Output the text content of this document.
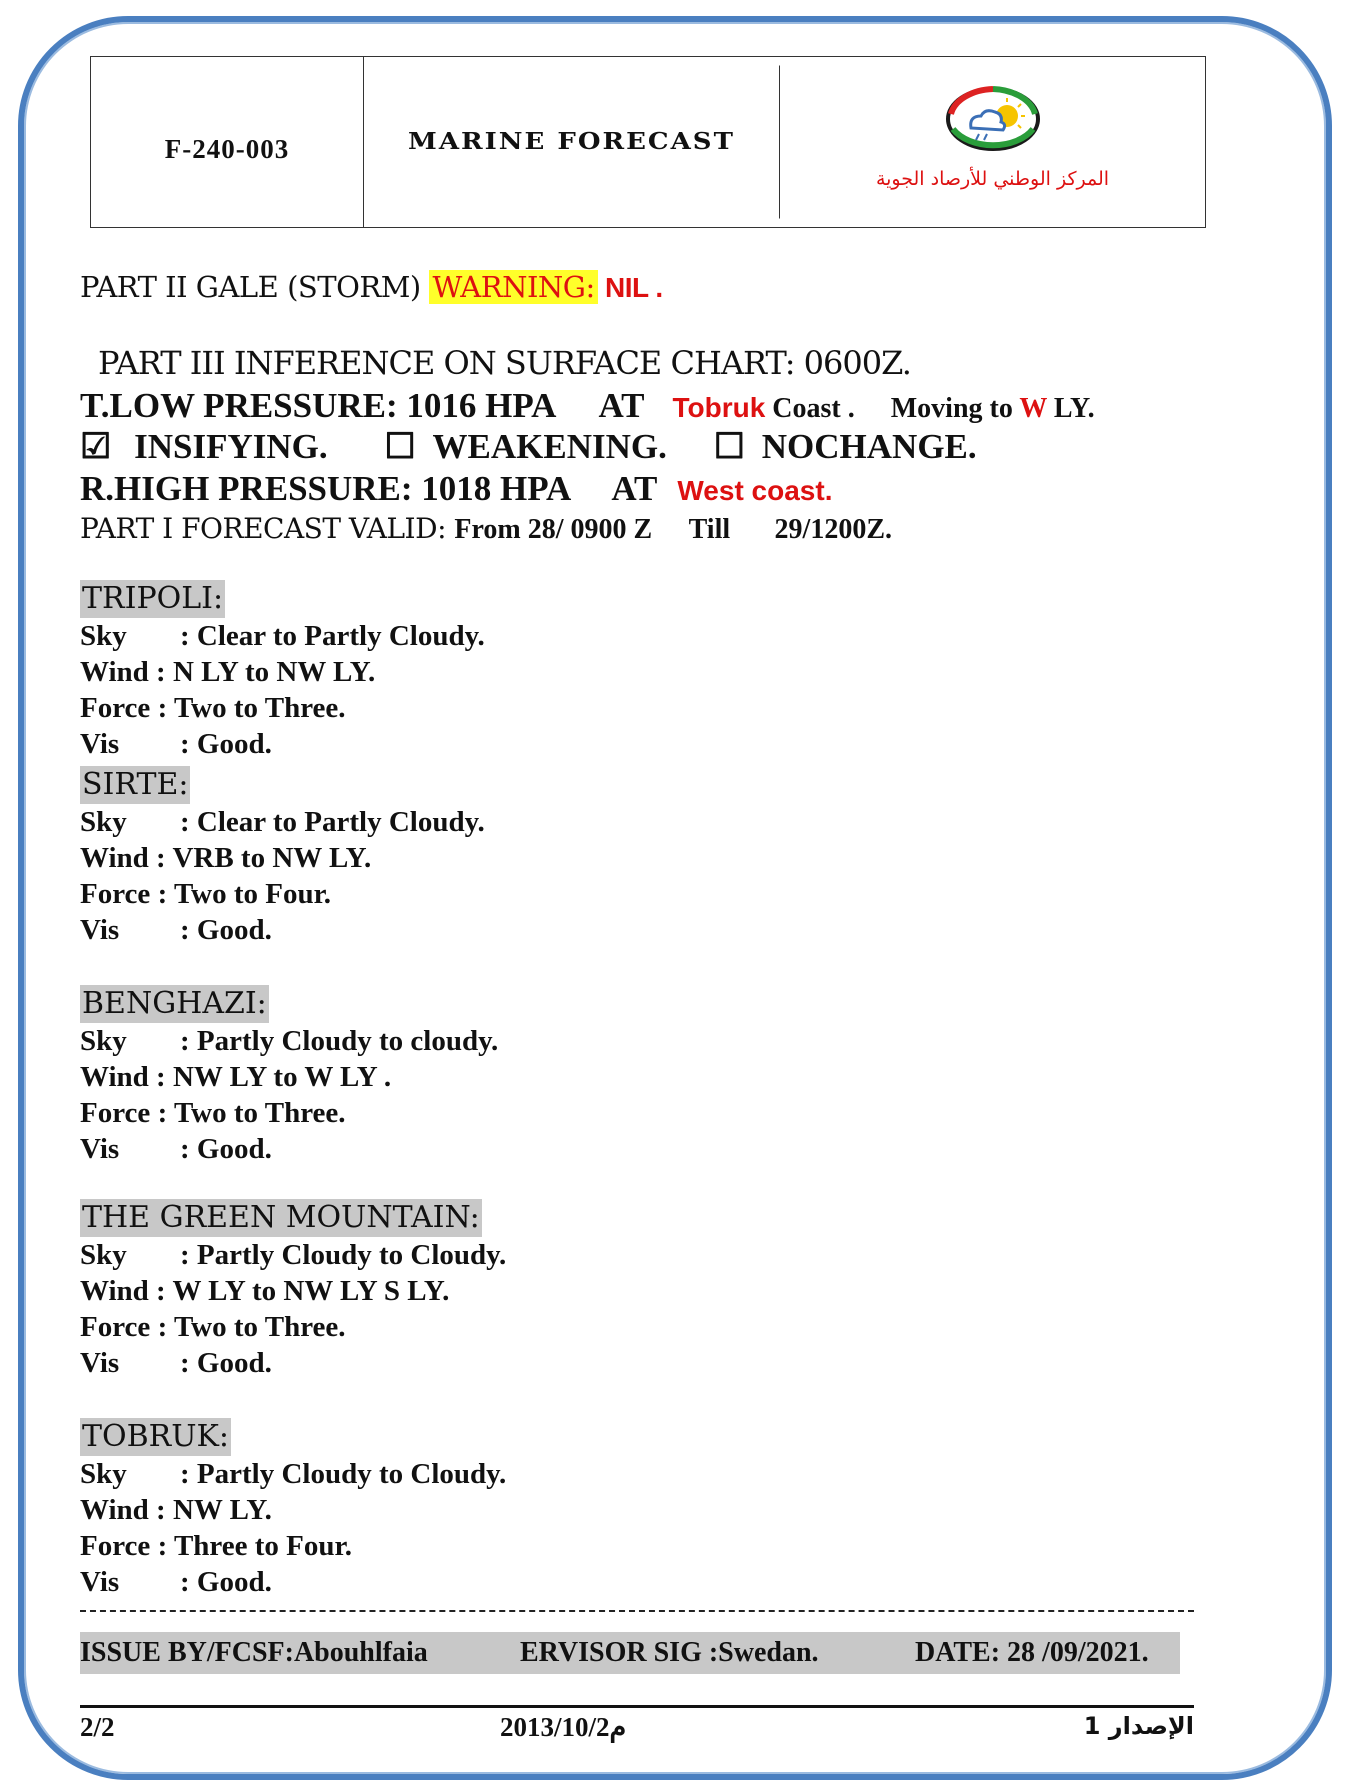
F-240-003	MARINE FORECAST
المركز الوطني للأرصاد الجوية
PART II GALE (STORM) WARNING: NIL .
PART III INFERENCE ON SURFACE CHART: 0600Z.
T.LOW PRESSURE: 1016 HPA AT Tobruk Coast . Moving to W LY.
☑ INSIFYING. ☐ WEAKENING. ☐ NOCHANGE.
R.HIGH PRESSURE: 1018 HPA AT West coast.
PART I FORECAST VALID: From 28/ 0900 Z Till 29/1200Z.
TRIPOLI:
Sky : Clear to Partly Cloudy.
Wind : N LY to NW LY.
Force : Two to Three.
Vis : Good.
SIRTE:
Sky : Clear to Partly Cloudy.
Wind : VRB to NW LY.
Force : Two to Four.
Vis : Good.
BENGHAZI:
Sky : Partly Cloudy to cloudy.
Wind : NW LY to W LY .
Force : Two to Three.
Vis : Good.
THE GREEN MOUNTAIN:
Sky : Partly Cloudy to Cloudy.
Wind : W LY to NW LY S LY.
Force : Two to Three.
Vis : Good.
TOBRUK:
Sky : Partly Cloudy to Cloudy.
Wind : NW LY.
Force : Three to Four.
Vis : Good.
ISSUE BY/FCSF:Abouhlfaia	ERVISOR SIG :Swedan.	DATE: 28 /09/2021.
2/2	2013/10/2م	الإصدار 1
